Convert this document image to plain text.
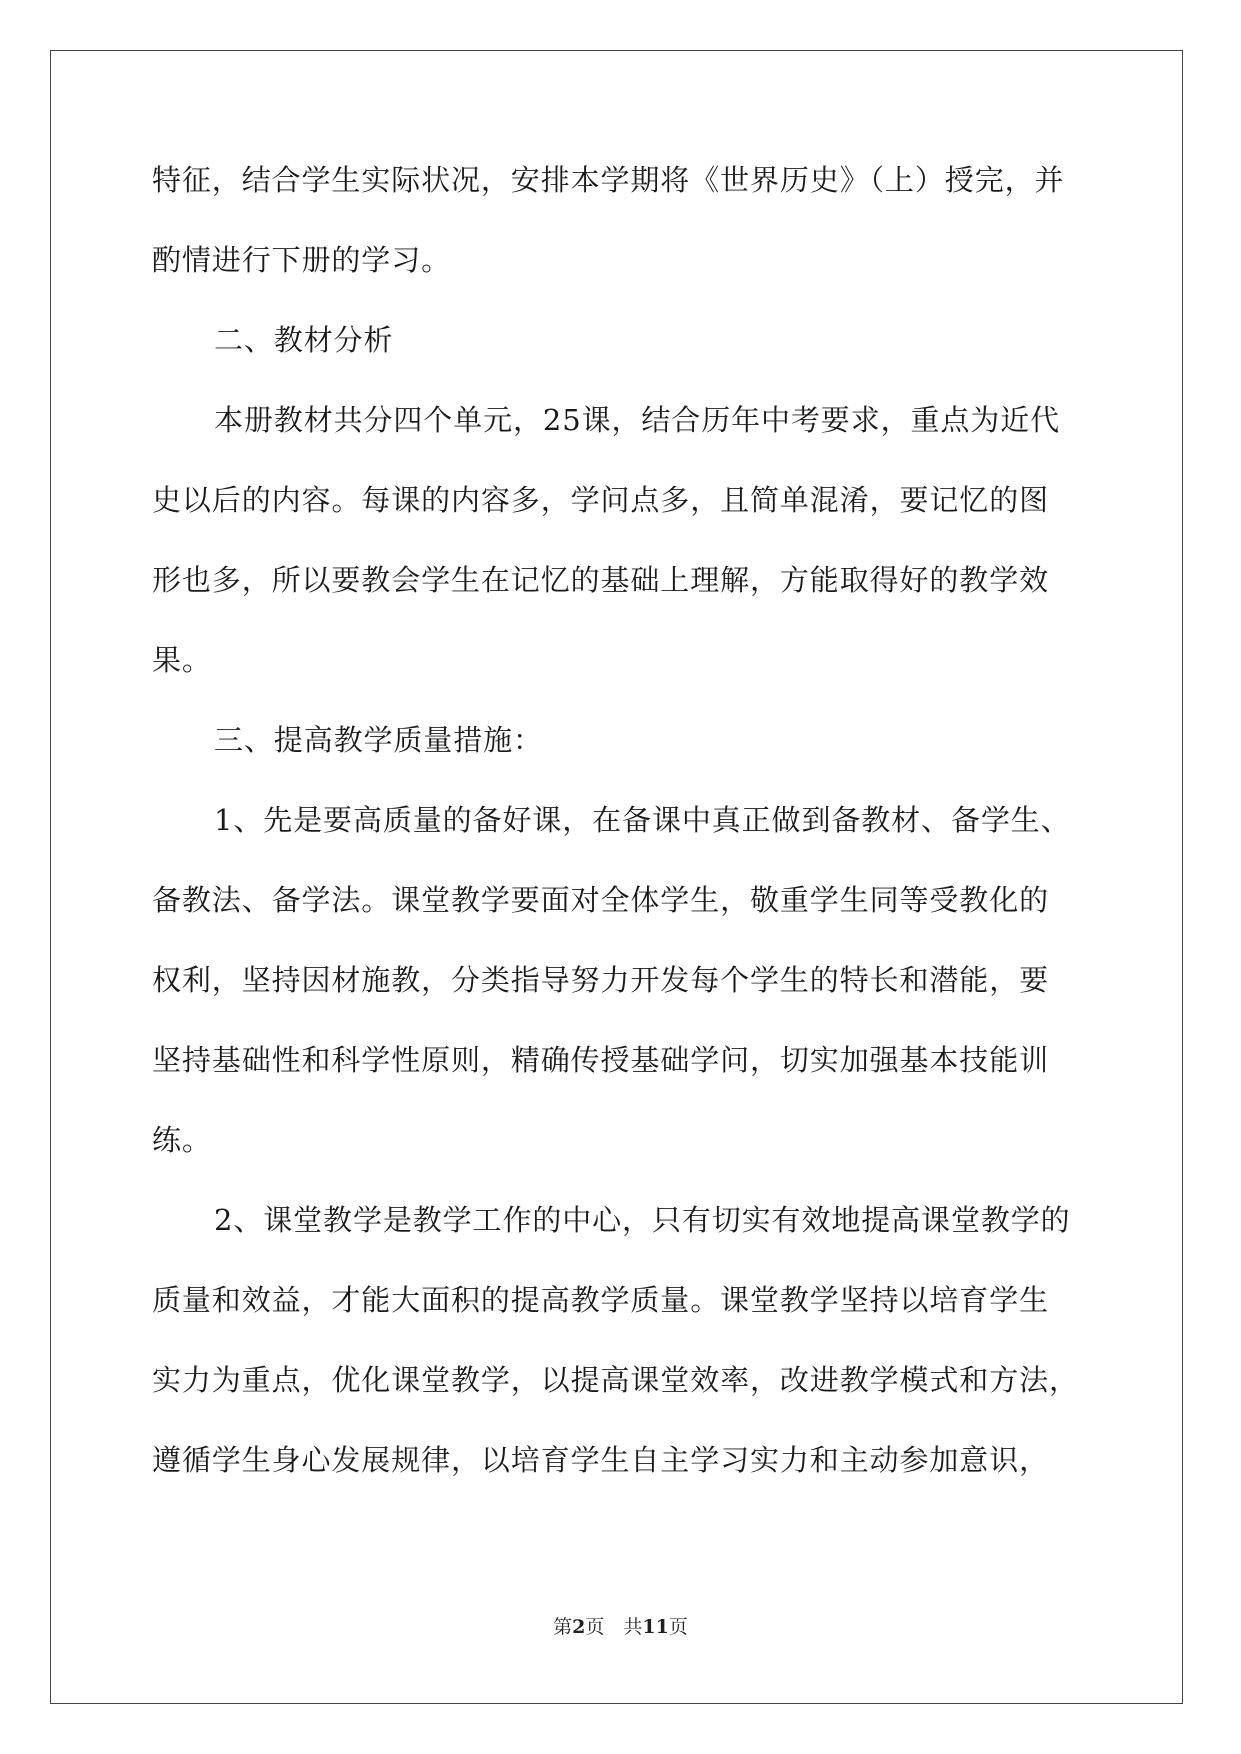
特征，结合学生实际状况，安排本学期将《世界历史》（上）授完，并
酌情进行下册的学习。
二、教材分析
本册教材共分四个单元，25课，结合历年中考要求，重点为近代
史以后的内容。每课的内容多，学问点多，且简单混淆，要记忆的图
形也多，所以要教会学生在记忆的基础上理解，方能取得好的教学效
果。
三、提高教学质量措施：
1、先是要高质量的备好课，在备课中真正做到备教材、备学生、
备教法、备学法。课堂教学要面对全体学生，敬重学生同等受教化的
权利，坚持因材施教，分类指导努力开发每个学生的特长和潜能，要
坚持基础性和科学性原则，精确传授基础学问，切实加强基本技能训
练。
2、课堂教学是教学工作的中心，只有切实有效地提高课堂教学的
质量和效益，才能大面积的提高教学质量。课堂教学坚持以培育学生
实力为重点，优化课堂教学，以提高课堂效率，改进教学模式和方法，
遵循学生身心发展规律，以培育学生自主学习实力和主动参加意识，
第2页　共11页
